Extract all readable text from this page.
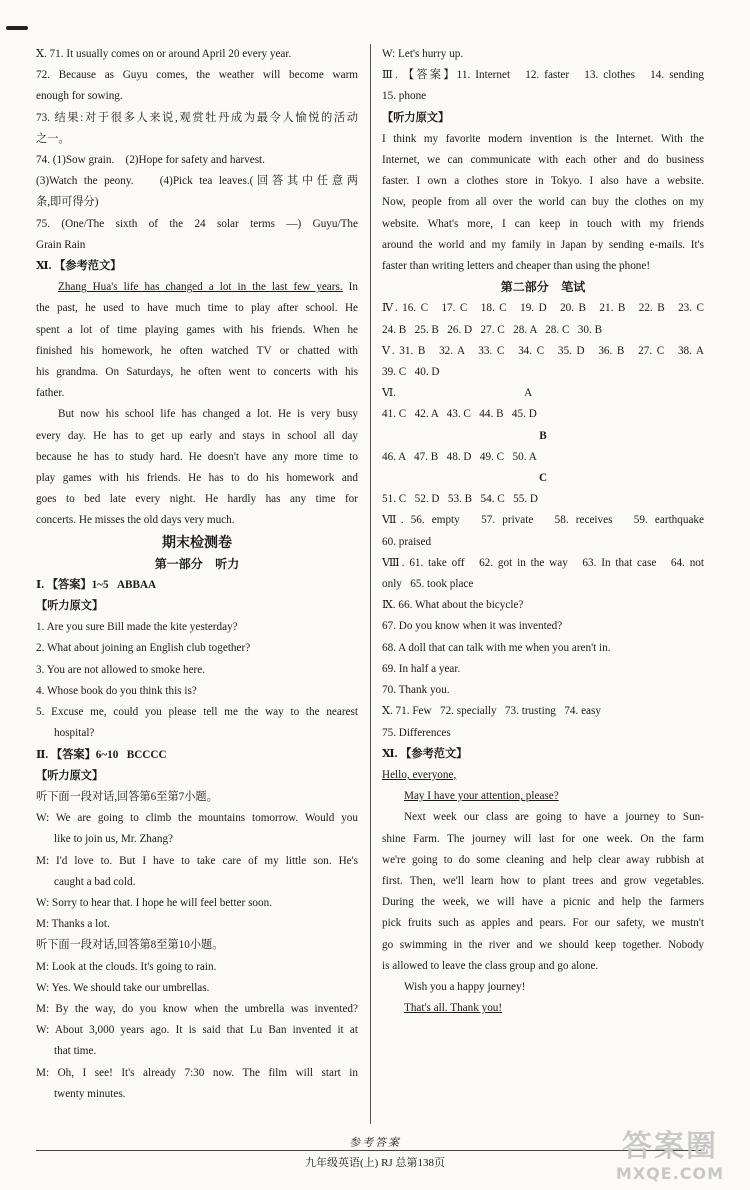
Ⅹ. 71. It usually comes on or around April 20 every year.
72. Because as Guyu comes, the weather will become warm
enough for sowing.
73. 结果:对于很多人来说,观赏牡丹成为最令人愉悦的活动
之一。
74. (1)Sow grain.    (2)Hope for safety and harvest.
(3)Watch the peony.    (4)Pick tea leaves.(回答其中任意两
条,即可得分)
75. (One/The sixth of the 24 solar terms —) Guyu/The
Grain Rain
Ⅺ. 【参考范文】
Zhang Hua's life has changed a lot in the last few years. In
the past, he used to have much time to play after school. He
spent a lot of time playing games with his friends. When he
finished his homework, he often watched TV or chatted with
his grandma. On Saturdays, he often went to concerts with his
father.
But now his school life has changed a lot. He is very busy
every day. He has to get up early and stays in school all day
because he has to study hard. He doesn't have any more time to
play games with his friends. He has to do his homework and
goes to bed late every night. He hardly has any time for
concerts. He misses the old days very much.
期末检测卷
第一部分   听力
Ⅰ. 【答案】1~5   ABBAA
【听力原文】
1. Are you sure Bill made the kite yesterday?
2. What about joining an English club together?
3. You are not allowed to smoke here.
4. Whose book do you think this is?
5. Excuse me, could you please tell me the way to the nearest
hospital?
Ⅱ. 【答案】6~10   BCCCC
【听力原文】
听下面一段对话,回答第6至第7小题。
W: We are going to climb the mountains tomorrow. Would you
like to join us, Mr. Zhang?
M: I'd love to. But I have to take care of my little son. He's
caught a bad cold.
W: Sorry to hear that. I hope he will feel better soon.
M: Thanks a lot.
听下面一段对话,回答第8至第10小题。
M: Look at the clouds. It's going to rain.
W: Yes. We should take our umbrellas.
M: By the way, do you know when the umbrella was invented?
W: About 3,000 years ago. It is said that Lu Ban invented it at
that time.
M: Oh, I see! It's already 7:30 now. The film will start in
twenty minutes.
W: Let's hurry up.
Ⅲ. 【答案】11. Internet   12. faster   13. clothes   14. sending
15. phone
【听力原文】
I think my favorite modern invention is the Internet. With the
Internet, we can communicate with each other and do business
faster. I own a clothes store in Tokyo. I also have a website.
Now, people from all over the world can buy the clothes on my
website. What's more, I can keep in touch with my friends
around the world and my family in Japan by sending e-mails. It's
faster than writing letters and cheaper than using the phone!
第二部分   笔试
Ⅳ. 16. C   17. C   18. C   19. D   20. B   21. B   22. B   23. C
24. B   25. B   26. D   27. C   28. A   28. C   30. B
Ⅴ. 31. B   32. A   33. C   34. C   35. D   36. B   27. C   38. A
39. C   40. D
Ⅵ.                                              A
41. C   42. A   43. C   44. B   45. D
B
46. A   47. B   48. D   49. C   50. A
C
51. C   52. D   53. B   54. C   55. D
Ⅶ. 56. empty   57. private   58. receives   59. earthquake
60. praised
Ⅷ. 61. take off   62. got in the way   63. In that case   64. not
only   65. took place
Ⅸ. 66. What about the bicycle?
67. Do you know when it was invented?
68. A doll that can talk with me when you aren't in.
69. In half a year.
70. Thank you.
Ⅹ. 71. Few   72. specially   73. trusting   74. easy
75. Differences
Ⅺ. 【参考范文】
Hello, everyone,
May I have your attention, please?
Next week our class are going to have a journey to Sun-
shine Farm. The journey will last for one week. On the farm
we're going to do some cleaning and help clear away rubbish at
first. Then, we'll learn how to plant trees and grow vegetables.
During the week, we will have a picnic and help the farmers
pick fruits such as apples and pears. For our safety, we mustn't
go swimming in the river and we should keep together. Nobody
is allowed to leave the class group and go alone.
Wish you a happy journey!
That's all. Thank you!
参考答案
九年级英语(上) RJ 总第138页	答案圈
MXQE.COM
